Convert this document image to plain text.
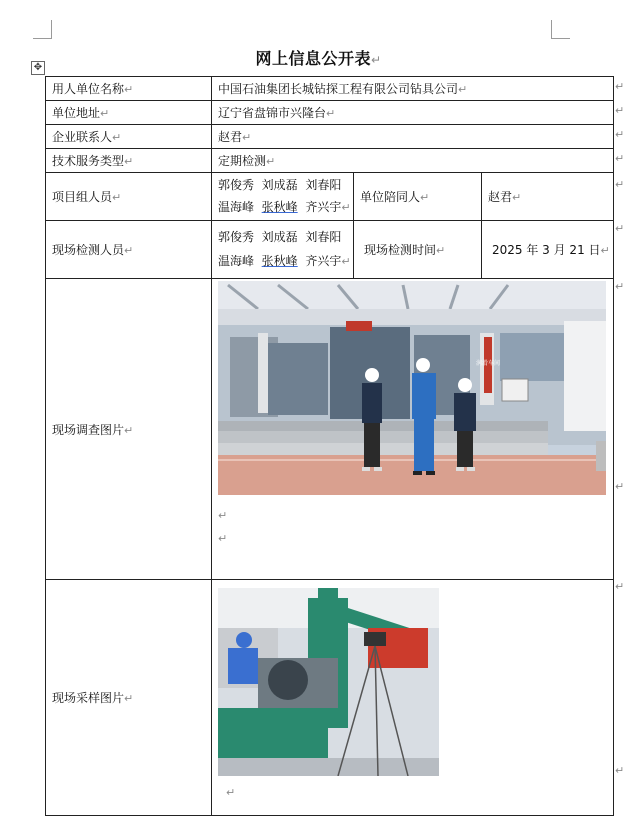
网上信息公开表↵
✥
用人单位名称↵	中国石油集团长城钻探工程有限公司钻具公司↵		
单位地址↵	辽宁省盘锦市兴隆台↵		
企业联系人↵	赵君↵		
技术服务类型↵	定期检测↵		
项目组人员↵	郭俊秀 刘成磊 刘春阳
温海峰 张秋峰 齐兴宇↵	单位陪同人↵	赵君↵
现场检测人员↵	郭俊秀 刘成磊 刘春阳
温海峰 张秋峰 齐兴宇↵	现场检测时间↵	2025 年 3 月 21 日↵
现场调查图片↵	润滑车间
↵
↵		

现场采样图片↵	↵		
↵
↵
↵
↵
↵
↵
↵
↵
↵
↵
